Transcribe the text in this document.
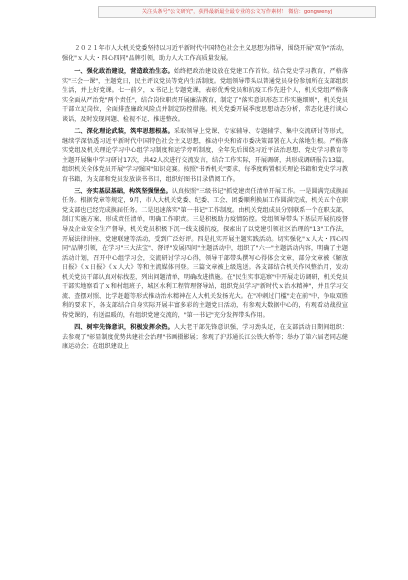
关注头条号"公文研究"，获得最新最全最专业的公文写作素材！ 微信：gongwenyj

２０２１年市人大机关党委坚持以习近平新时代中国特色社会主义思想为指导，围绕开展"双争"活动，强化"ｘ人大・四心四同"品牌引领，助力人大工作高质量发展。

一、强化政治建设，营造政治生态。始终把政治建设放在党建工作首位。结合党史学习教育，严格落实"三会一课"，主题党日，民主评议党员等党内生活制度。党组领导带头以普通党员身份参加所在支部组织生活，并上好党课。七一前夕，ｘ书记上专题党课，表彰优秀党员和抗疫工作先进个人，机关党组严格落实全面从严治党"两个责任"，结合岗位职责开展廉洁教育，制定了"落实意识形态工作实施细则"，机关党员干部立足岗位，全面排查廉政风险点并制定防控措施。机关党委开展季度思想动态分析，常态化进行谈心谈话，及时发现问题、检视不足、推进整改。

二、深化理论武装，筑牢思想根基。采取领导上党课、专家辅导、专题辅学、集中交流研讨等形式，继续学深悟透习近平新时代中国特色社会主义思想，推动中央和省市委决策部署在人大落地生根。严格落实党组及机关理论学习中心组学习制度和运学旁听制度，全年先后围绕习近平法治思想、党史学习教育等主题开展集中学习研讨17次，共42人次进行交流发言，结合工作实际，开展调研，共形成调研报告13篇。组织机关全体党员开展"学习强国"知识竞赛。按照"书香机关"要求，每季度购置相关理论书籍和党史学习教育书籍，为支部和党员发放读书书目，组织好图书目录借阅工作。

三、夯实基层基础，构筑坚强堡垒。认真按照"三级书记"抓党建责任清单开展工作。一是圆满完成换届任务。根据党章等规定，9月，市人大机关党委、纪委、工会、团委顺利换届工作圆满完成，机关五个在职党支部也已经完成换届任务。二是迅速落实"第一书记"工作制度。由机关党组成员分别联系一个在职支部，制订实施方案、形成责任清单，明确工作职责。三是积极助力疫情防控。党组领导带头下基层开展抗疫督导及企业安全生产督导，机关党员积极下沉一线支援抗疫，探索出了以党建引领社区治理的"13"工作法，开展法律讲座、党建联建等活动，受到广泛好评。四是扎实开展主题实践活动。切实强化"ｘ人大・四心四同"品牌引领，在学习"三大法宝"、督评"发展四问"主题活动中，组织了"六一"主题活动内容，明确了主题活动计划，召开中心组学习会，交流研讨学习心得，领导干部带头撰写心得体会文章，部分文章被《解放日报》《ｘ日报》《ｘ人大》等和主流媒体刊登。三篇文章被上级选送。各支部结合机关作风整治月，发动机关党员干部认真对标找差，列出问题清单，明确改进措施。在"民生实事巡察"中开展走访调研，机关党员干部实地察看了ｘ和村组班子，城区水利工程管理督导站，组织党员学习"新时代ｘ治水精神"，并且学习交流、查摆对照、比学赶超等形式推动治水精神在人大机关发扬光大。在"冲刺过门槛"走在前"中，争取双胜利的要求下，各支部结合自身实际开展丰富多彩的主题党日活动，有参观大数据中心的，有观看动战役宣传党课的，有送温暖的，有组织党建交流的，"第一书记"充分发挥带头作用。

四、树牢先锋意识，积极发挥余热。人大老干部先锋意识强，学习劲头足，在支部活动日期间组织：去参观了"彰显制度优势共建社会治理"书画摄影展；参观了沪苏通长江公铁大桥等；举办了第六届老同志健康运动会；在组织建设上
